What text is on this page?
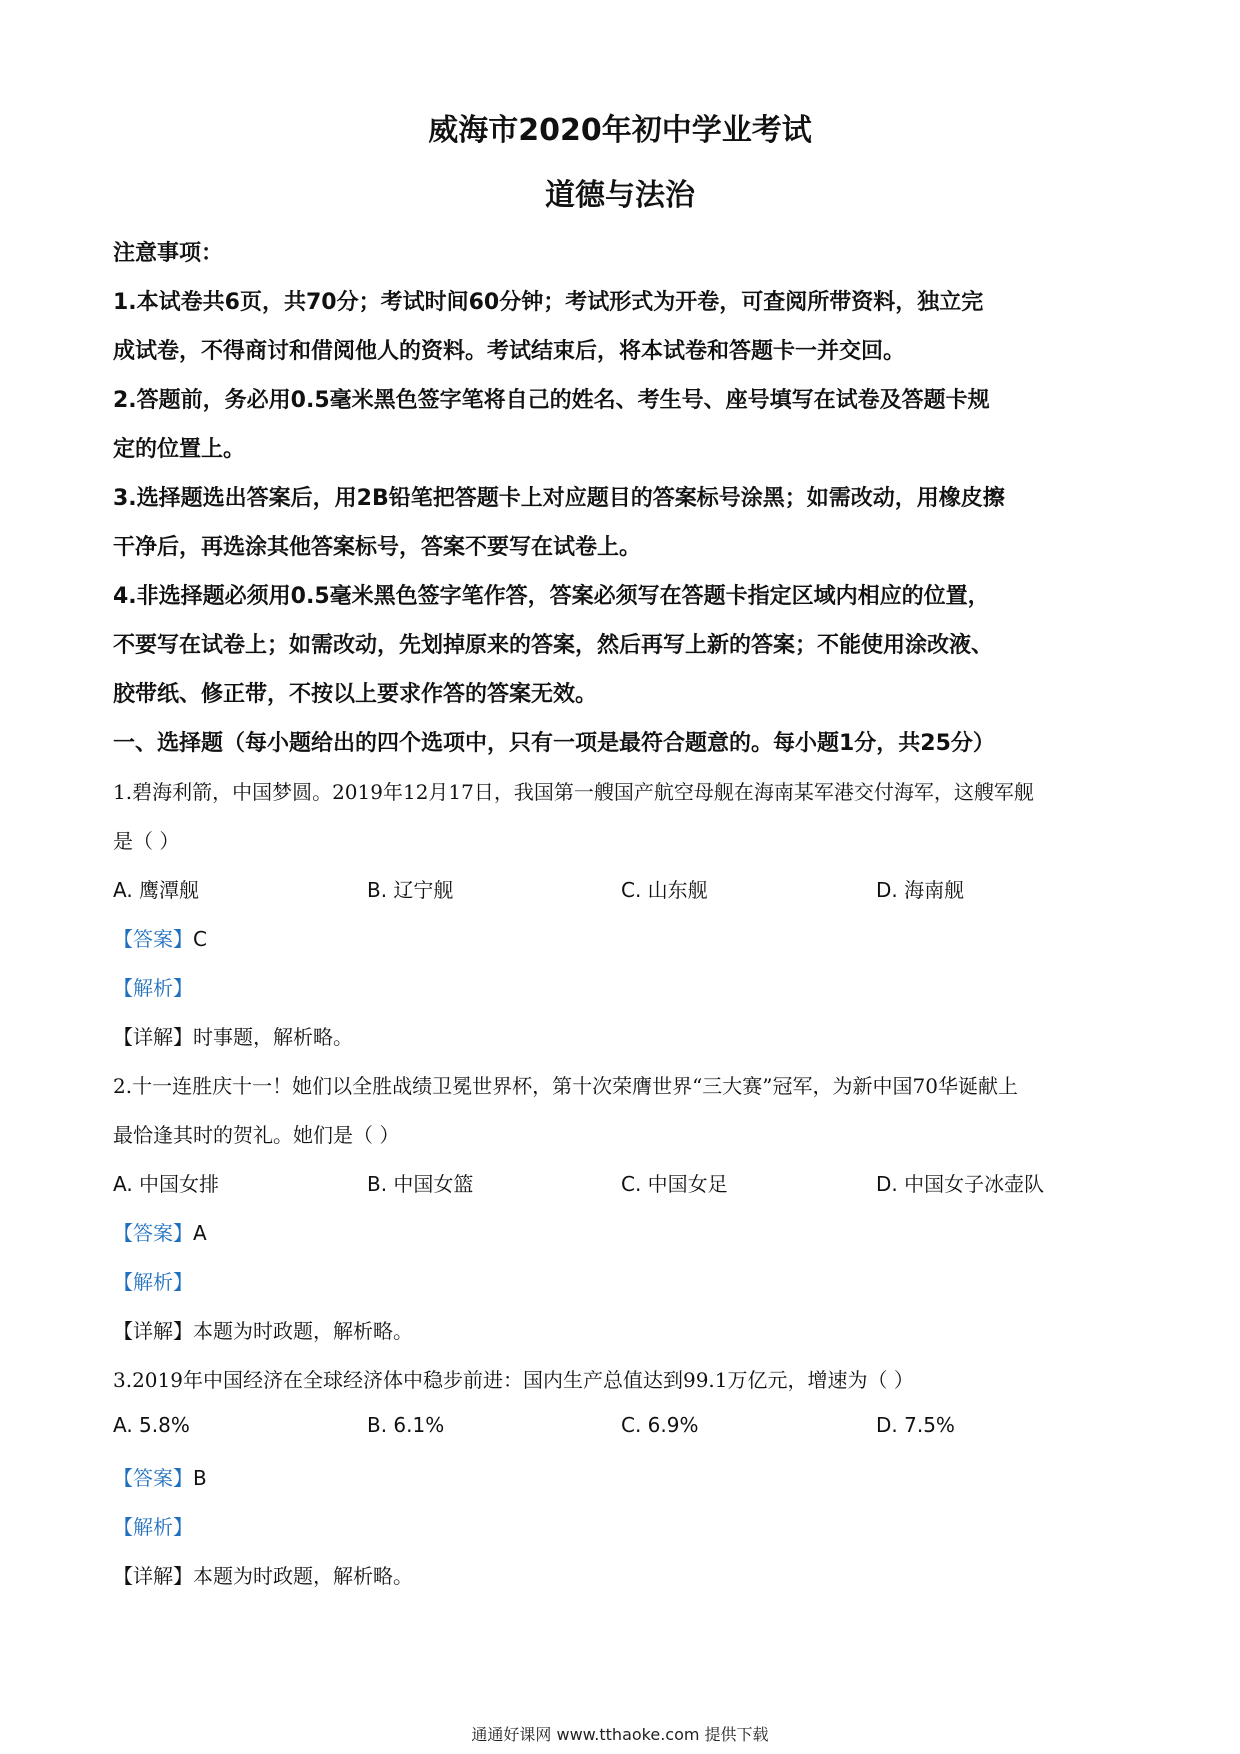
威海市2020年初中学业考试
道德与法治
注意事项：
1.本试卷共6页，共70分；考试时间60分钟；考试形式为开卷，可查阅所带资料，独立完
成试卷，不得商讨和借阅他人的资料。考试结束后，将本试卷和答题卡一并交回。
2.答题前，务必用0.5毫米黑色签字笔将自己的姓名、考生号、座号填写在试卷及答题卡规
定的位置上。
3.选择题选出答案后，用2B铅笔把答题卡上对应题目的答案标号涂黑；如需改动，用橡皮擦
干净后，再选涂其他答案标号，答案不要写在试卷上。
4.非选择题必须用0.5毫米黑色签字笔作答，答案必须写在答题卡指定区域内相应的位置，
不要写在试卷上；如需改动，先划掉原来的答案，然后再写上新的答案；不能使用涂改液、
胶带纸、修正带，不按以上要求作答的答案无效。
一、选择题（每小题给出的四个选项中，只有一项是最符合题意的。每小题1分，共25分）
1.碧海利箭，中国梦圆。2019年12月17日，我国第一艘国产航空母舰在海南某军港交付海军，这艘军舰
是（ ）
A. 鹰潭舰	B. 辽宁舰	C. 山东舰	D. 海南舰
【答案】C
【解析】
【详解】时事题，解析略。
2.十一连胜庆十一！她们以全胜战绩卫冕世界杯，第十次荣膺世界“三大赛”冠军，为新中国70华诞献上
最恰逢其时的贺礼。她们是（ ）
A. 中国女排	B. 中国女篮	C. 中国女足	D. 中国女子冰壶队
【答案】A
【解析】
【详解】本题为时政题，解析略。
3.2019年中国经济在全球经济体中稳步前进：国内生产总值达到99.1万亿元，增速为（ ）
A. 5.8%	B. 6.1%	C. 6.9%	D. 7.5%
【答案】B
【解析】
【详解】本题为时政题，解析略。
通通好课网 www.tthaoke.com 提供下载
